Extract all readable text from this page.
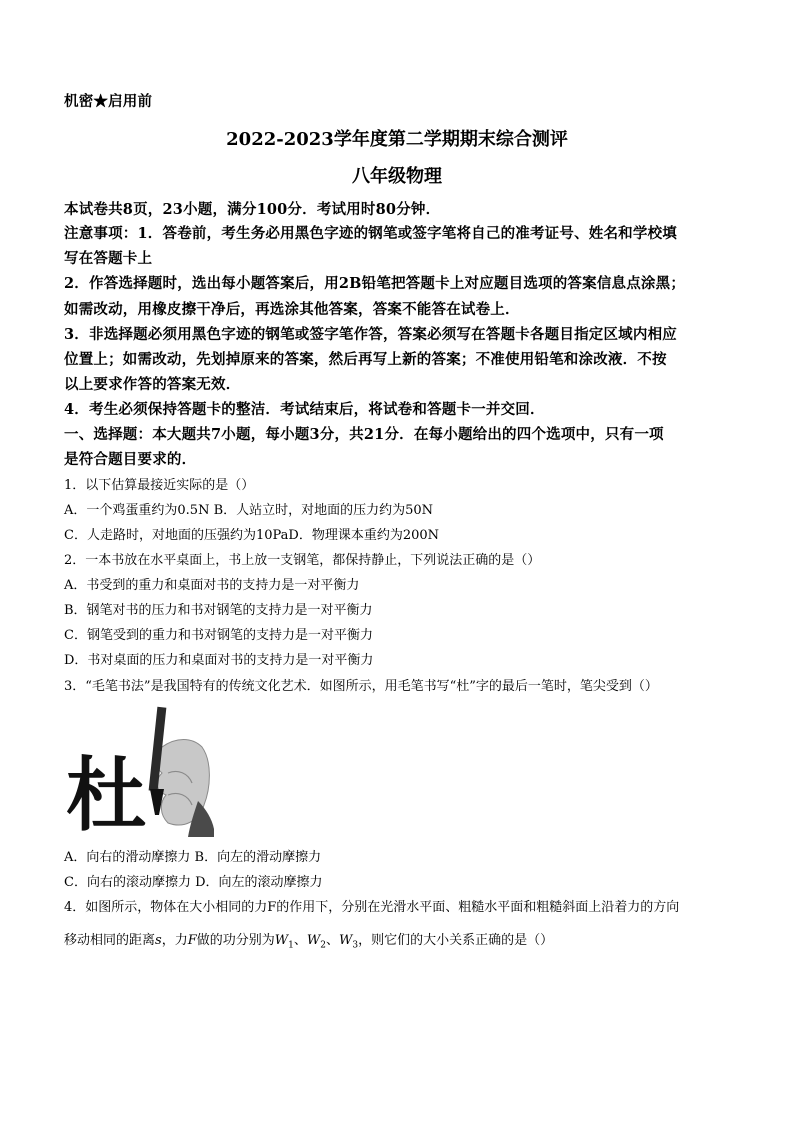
机密★启用前
2022-2023学年度第二学期期末综合测评
八年级物理
本试卷共8页，23小题，满分100分．考试用时80分钟．
注意事项：1．答卷前，考生务必用黑色字迹的钢笔或签字笔将自己的准考证号、姓名和学校填
写在答题卡上
2．作答选择题时，选出每小题答案后，用2B铅笔把答题卡上对应题目选项的答案信息点涂黑；
如需改动，用橡皮擦干净后，再选涂其他答案，答案不能答在试卷上．
3．非选择题必须用黑色字迹的钢笔或签字笔作答，答案必须写在答题卡各题目指定区域内相应
位置上；如需改动，先划掉原来的答案，然后再写上新的答案；不准使用铅笔和涂改液．不按
以上要求作答的答案无效．
4．考生必须保持答题卡的整洁．考试结束后，将试卷和答题卡一并交回．
一、选择题：本大题共7小题，每小题3分，共21分．在每小题给出的四个选项中，只有一项
是符合题目要求的．
1．以下估算最接近实际的是（）
A．一个鸡蛋重约为0.5N B．人站立时，对地面的压力约为50N
C．人走路时，对地面的压强约为10PaD．物理课本重约为200N
2．一本书放在水平桌面上，书上放一支钢笔，都保持静止，下列说法正确的是（）
A．书受到的重力和桌面对书的支持力是一对平衡力
B．钢笔对书的压力和书对钢笔的支持力是一对平衡力
C．钢笔受到的重力和书对钢笔的支持力是一对平衡力
D．书对桌面的压力和桌面对书的支持力是一对平衡力
3．“毛笔书法”是我国特有的传统文化艺术．如图所示，用毛笔书写“杜”字的最后一笔时，笔尖受到（）
杜
A．向右的滑动摩擦力 B．向左的滑动摩擦力
C．向右的滚动摩擦力 D．向左的滚动摩擦力
4．如图所示，物体在大小相同的力F的作用下，分别在光滑水平面、粗糙水平面和粗糙斜面上沿着力的方向
移动相同的距离s，力F做的功分别为$W_1$、$W_2$、$W_3$，则它们的大小关系正确的是（）
